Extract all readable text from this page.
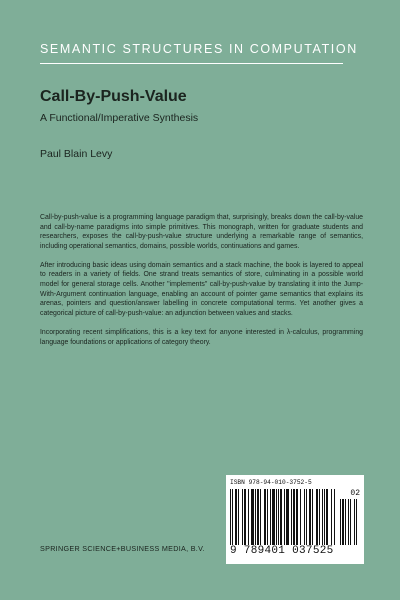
SEMANTIC STRUCTURES IN COMPUTATION
Call-By-Push-Value
A Functional/Imperative Synthesis
Paul Blain Levy

Call-by-push-value is a programming language paradigm that, surprisingly, breaks down the call-by-value and call-by-name paradigms into simple primitives. This monograph, written for graduate students and researchers, exposes the call-by-push-value structure underlying a remarkable range of semantics, including operational semantics, domains, possible worlds, continuations and games.

After introducing basic ideas using domain semantics and a stack machine, the book is layered to appeal to readers in a variety of fields. One strand treats semantics of store, culminating in a possible world model for general storage cells. Another "implements" call-by-push-value by translating it into the Jump-With-Argument continuation language, enabling an account of pointer game semantics that explains its arenas, pointers and question/answer labelling in concrete computational terms. Yet another gives a categorical picture of call-by-push-value: an adjunction between values and stacks.

Incorporating recent simplifications, this is a key text for anyone interested in λ-calculus, programming language foundations or applications of category theory.

ISBN 978-94-010-3752-5
02
9 789401 037525
SPRINGER SCIENCE+BUSINESS MEDIA, B.V.
